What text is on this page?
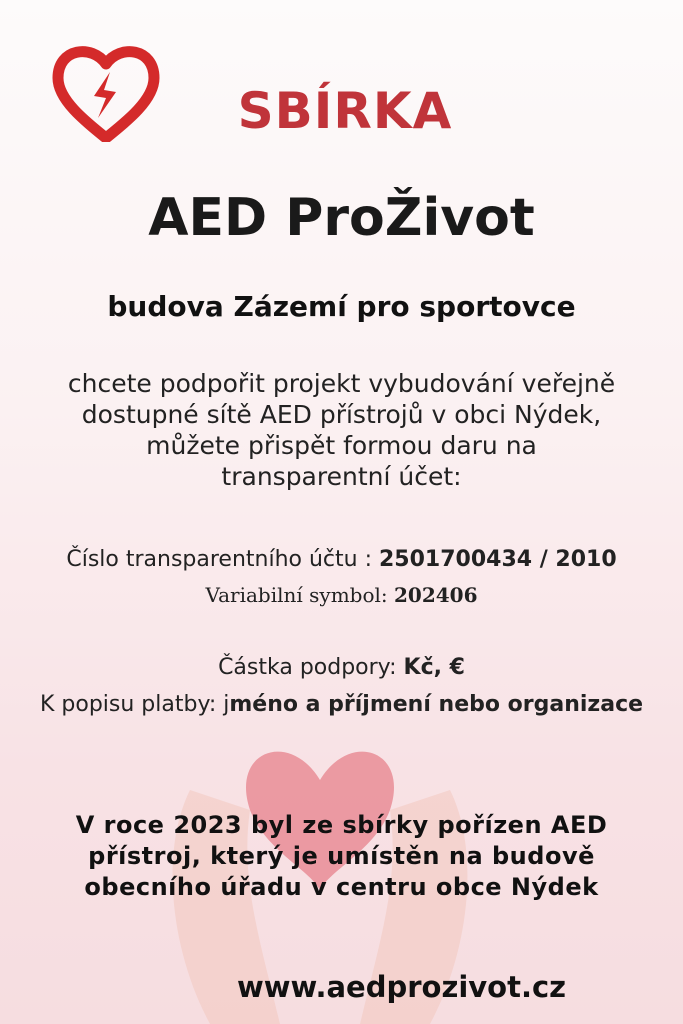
SBÍRKA
AED ProŽivot
budova Zázemí pro sportovce
chcete podpořit projekt vybudování veřejně dostupné sítě AED přístrojů v obci Nýdek, můžete přispět formou daru na transparentní účet:
Číslo transparentního účtu : 2501700434 / 2010
Variabilní symbol: 202406
Částka podpory: Kč, €
K popisu platby: jméno a příjmení nebo organizace
V roce 2023 byl ze sbírky pořízen AED přístroj, který je umístěn na budově obecního úřadu v centru obce Nýdek
www.aedprozivot.cz
